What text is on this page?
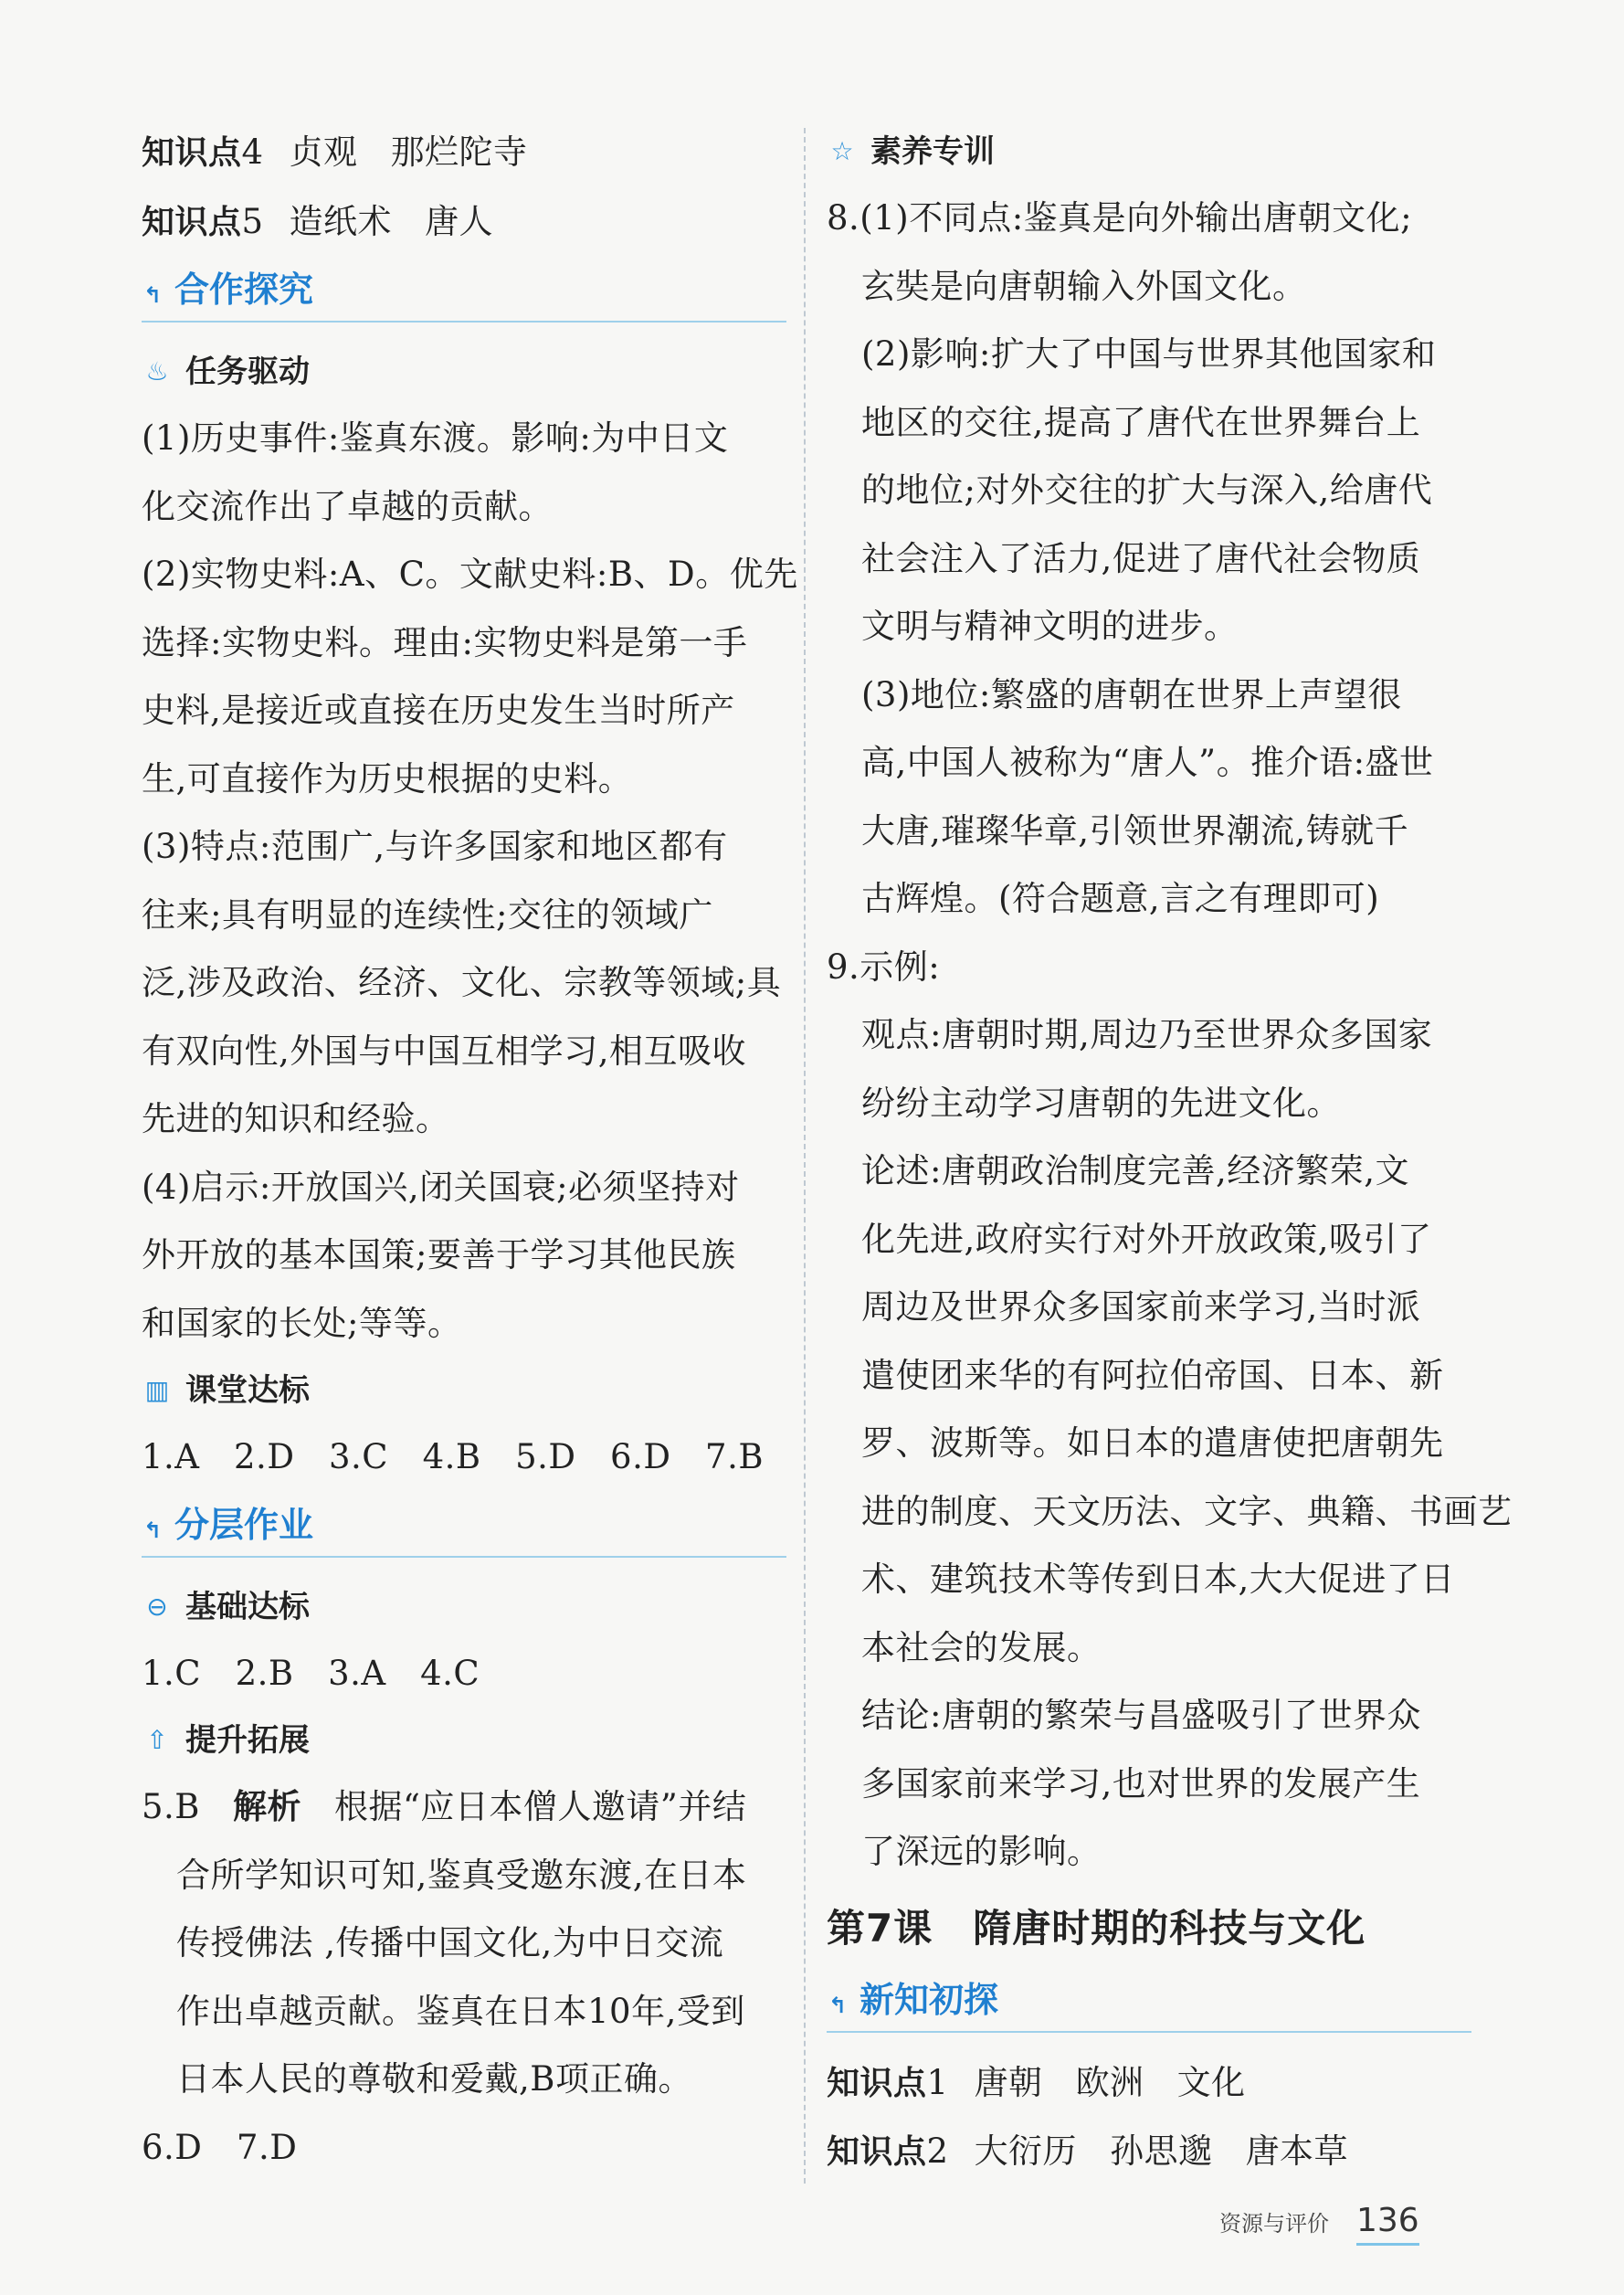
知识点4 贞观 那烂陀寺
知识点5 造纸术 唐人
↰ 合作探究
♨ 任务驱动
(1)历史事件:鉴真东渡。影响:为中日文
化交流作出了卓越的贡献。
(2)实物史料:A、C。文献史料:B、D。优先
选择:实物史料。理由:实物史料是第一手
史料,是接近或直接在历史发生当时所产
生,可直接作为历史根据的史料。
(3)特点:范围广,与许多国家和地区都有
往来;具有明显的连续性;交往的领域广
泛,涉及政治、经济、文化、宗教等领域;具
有双向性,外国与中国互相学习,相互吸收
先进的知识和经验。
(4)启示:开放国兴,闭关国衰;必须坚持对
外开放的基本国策;要善于学习其他民族
和国家的长处;等等。
▥ 课堂达标
1.A　2.D　3.C　4.B　5.D　6.D　7.B
↰ 分层作业
⊖ 基础达标
1.C　2.B　3.A　4.C
⇧ 提升拓展
5.B 解析 根据“应日本僧人邀请”并结
合所学知识可知,鉴真受邀东渡,在日本
传授佛法 ,传播中国文化,为中日交流
作出卓越贡献。鉴真在日本10年,受到
日本人民的尊敬和爱戴,B项正确。
6.D　7.D
☆ 素养专训
8.(1)不同点:鉴真是向外输出唐朝文化;
玄奘是向唐朝输入外国文化。
(2)影响:扩大了中国与世界其他国家和
地区的交往,提高了唐代在世界舞台上
的地位;对外交往的扩大与深入,给唐代
社会注入了活力,促进了唐代社会物质
文明与精神文明的进步。
(3)地位:繁盛的唐朝在世界上声望很
高,中国人被称为“唐人”。推介语:盛世
大唐,璀璨华章,引领世界潮流,铸就千
古辉煌。(符合题意,言之有理即可)
9.示例:
观点:唐朝时期,周边乃至世界众多国家
纷纷主动学习唐朝的先进文化。
论述:唐朝政治制度完善,经济繁荣,文
化先进,政府实行对外开放政策,吸引了
周边及世界众多国家前来学习,当时派
遣使团来华的有阿拉伯帝国、日本、新
罗、波斯等。如日本的遣唐使把唐朝先
进的制度、天文历法、文字、典籍、书画艺
术、建筑技术等传到日本,大大促进了日
本社会的发展。
结论:唐朝的繁荣与昌盛吸引了世界众
多国家前来学习,也对世界的发展产生
了深远的影响。
第7课 隋唐时期的科技与文化
↰ 新知初探
知识点1 唐朝 欧洲 文化
知识点2 大衍历 孙思邈 唐本草
资源与评价 136
